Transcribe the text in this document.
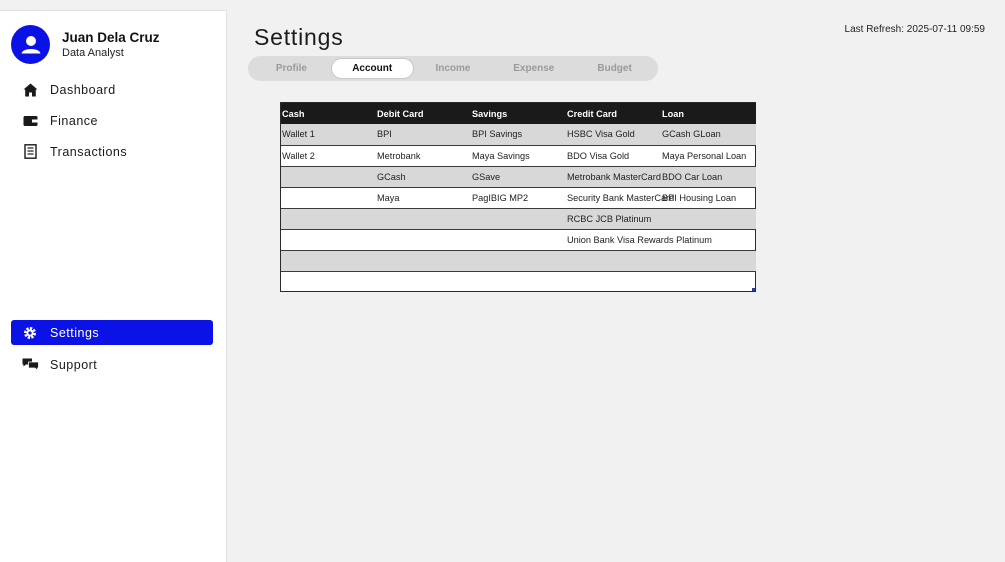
Juan Dela Cruz
Data Analyst
Dashboard
Finance
Transactions
Settings
Support
Settings	Last Refresh: 2025-07-11 09:59
Profile	Account	Income	Expense	Budget
Cash	Debit Card	Savings	Credit Card	Loan
Wallet 1	BPI	BPI Savings	HSBC Visa Gold	GCash GLoan
Wallet 2	Metrobank	Maya Savings	BDO Visa Gold	Maya Personal Loan
	GCash	GSave	Metrobank MasterCard	BDO Car Loan
	Maya	PagIBIG MP2	Security Bank MasterCard	BPI Housing Loan
			RCBC JCB Platinum	
			Union Bank Visa Rewards Platinum	
